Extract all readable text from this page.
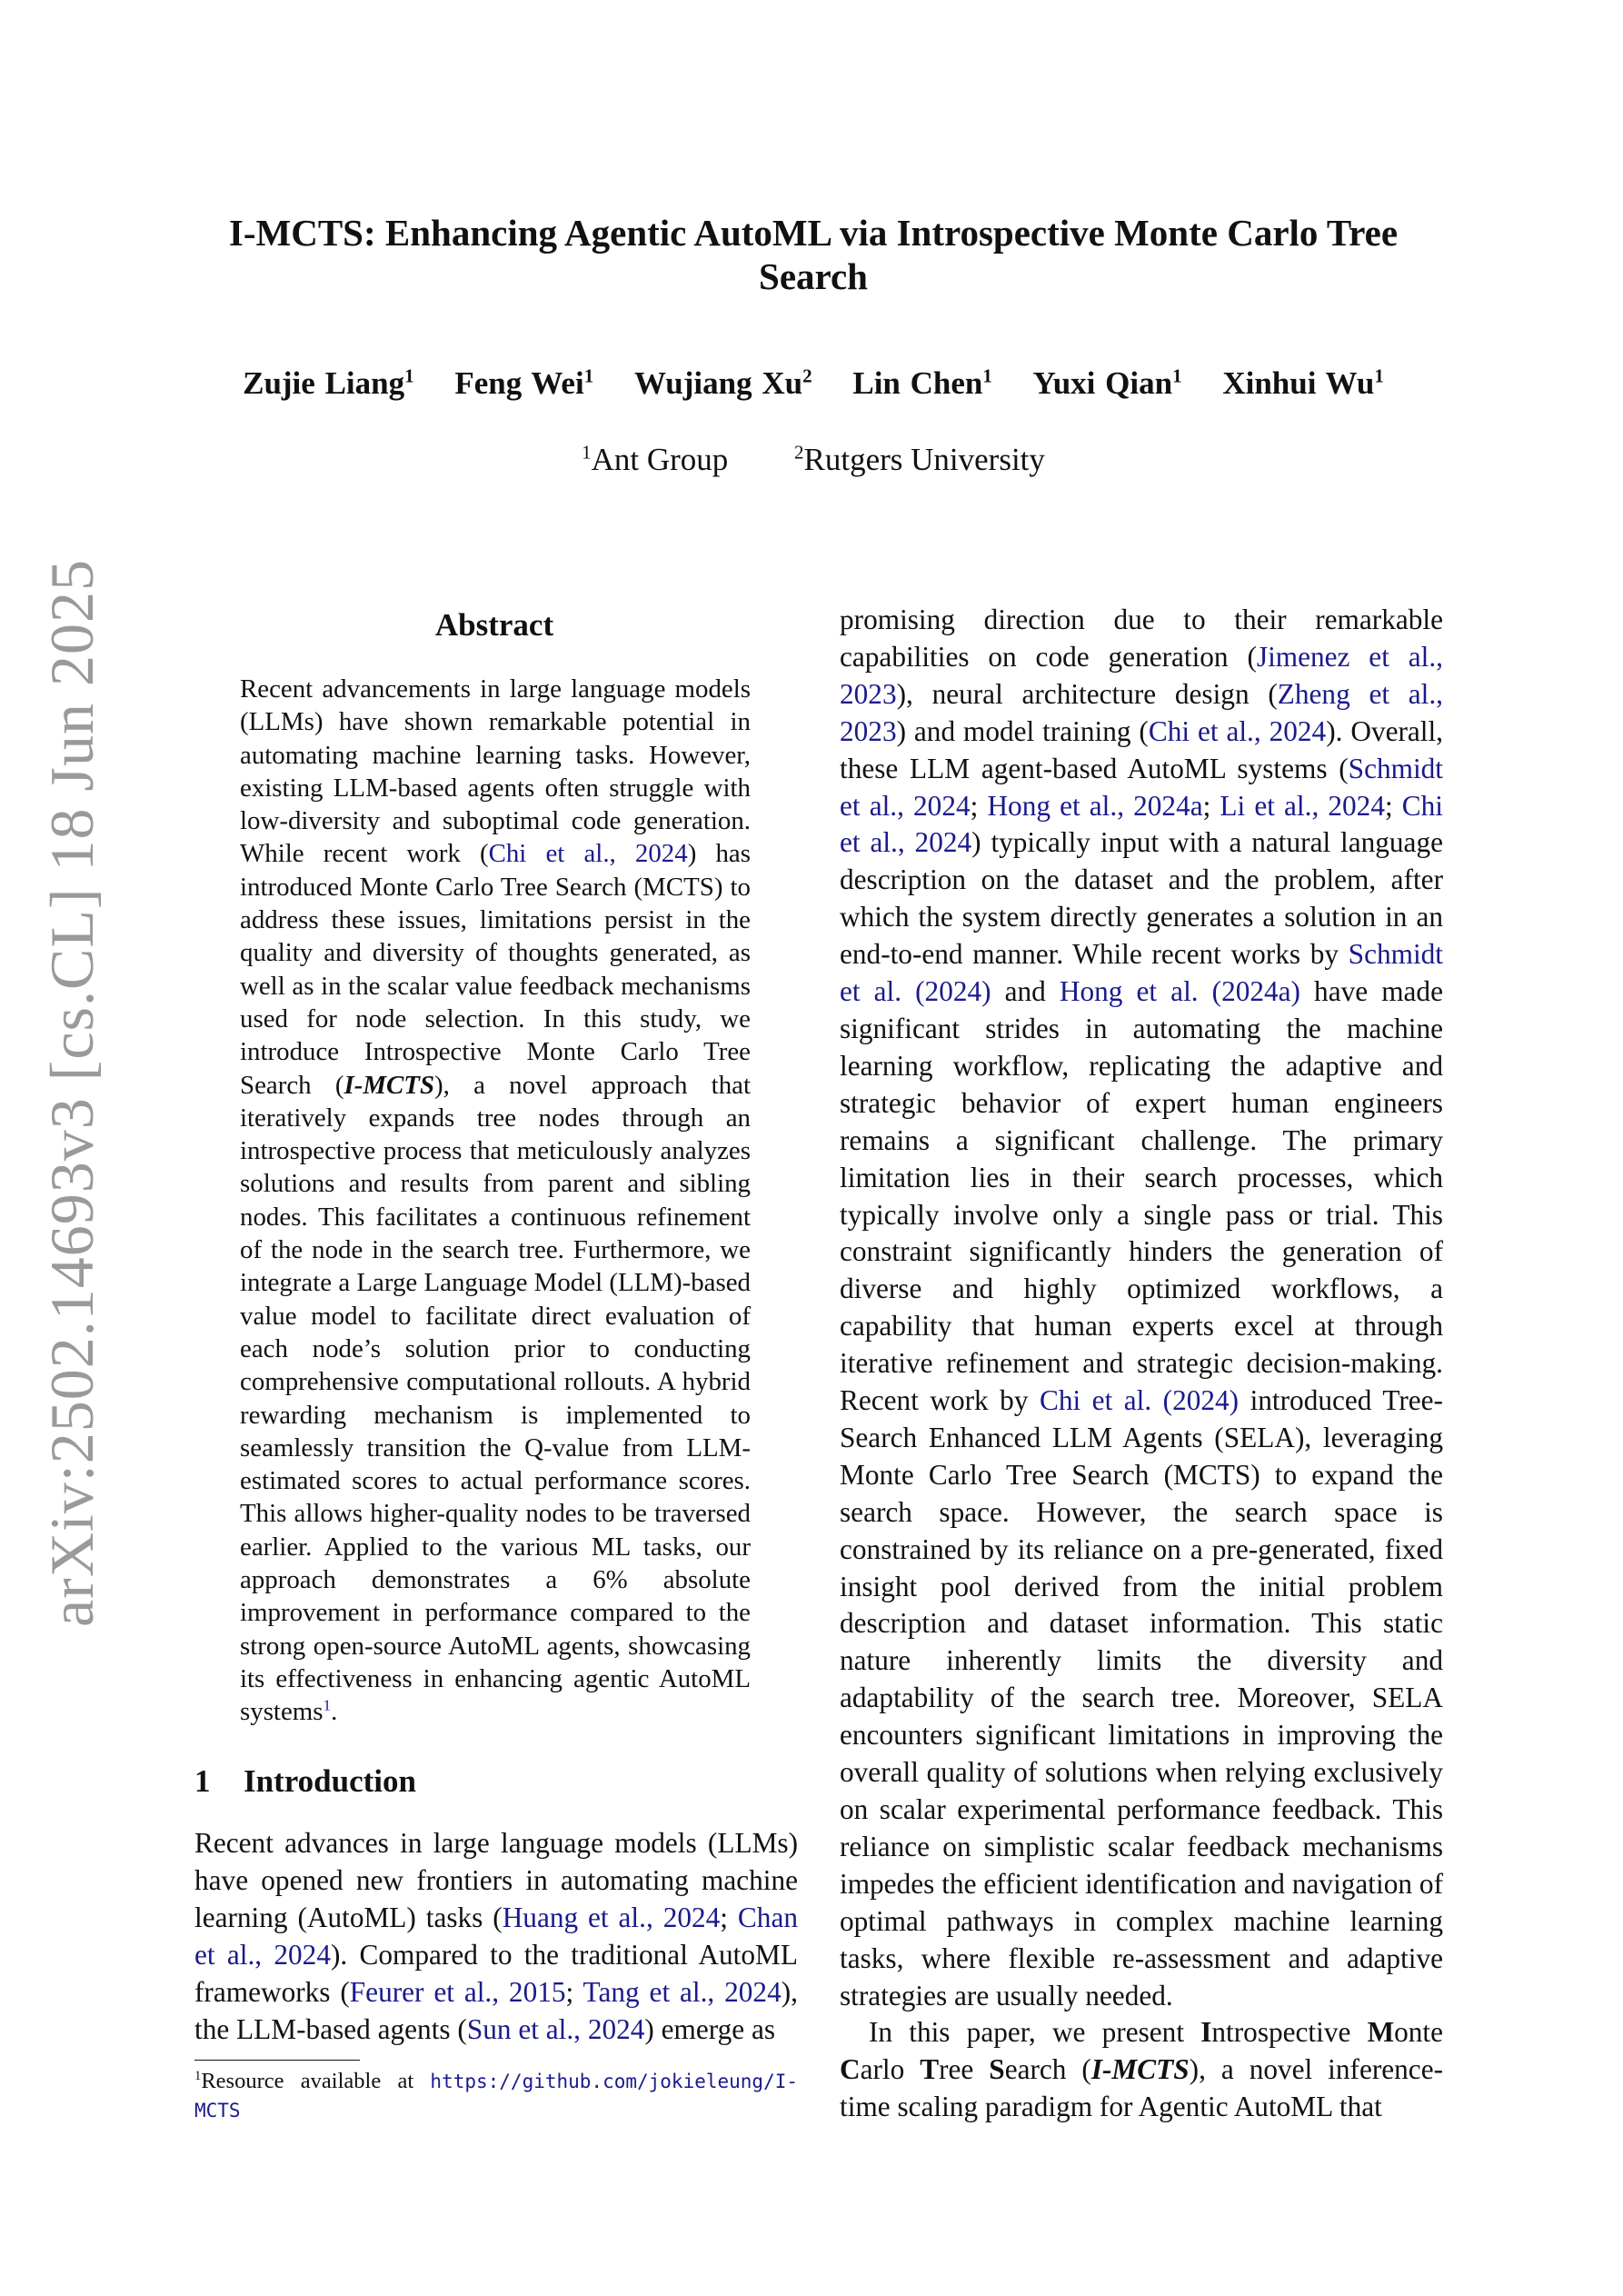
arXiv:2502.14693v3 [cs.CL] 18 Jun 2025
I-MCTS: Enhancing Agentic AutoML via Introspective Monte Carlo Tree Search
Zujie Liang$^1$ Feng Wei$^1$ Wujiang Xu$^2$ Lin Chen$^1$ Yuxi Qian$^1$ Xinhui Wu$^1$
$^1$Ant Group	$^2$Rutgers University
Abstract
Recent advancements in large language models (LLMs) have shown remarkable potential in automating machine learning tasks. However, existing LLM-based agents often struggle with low-diversity and suboptimal code generation. While recent work (Chi et al., 2024) has introduced Monte Carlo Tree Search (MCTS) to address these issues, limitations persist in the quality and diversity of thoughts generated, as well as in the scalar value feedback mechanisms used for node selection. In this study, we introduce Introspective Monte Carlo Tree Search (I-MCTS), a novel approach that iteratively expands tree nodes through an introspective process that meticulously analyzes solutions and results from parent and sibling nodes. This facilitates a continuous refinement of the node in the search tree. Furthermore, we integrate a Large Language Model (LLM)-based value model to facilitate direct evaluation of each node’s solution prior to conducting comprehensive computational rollouts. A hybrid rewarding mechanism is implemented to seamlessly transition the Q-value from LLM-estimated scores to actual performance scores. This allows higher-quality nodes to be traversed earlier. Applied to the various ML tasks, our approach demonstrates a 6% absolute improvement in performance compared to the strong open-source AutoML agents, showcasing its effectiveness in enhancing agentic AutoML systems$^1$.
1 Introduction
Recent advances in large language models (LLMs) have opened new frontiers in automating machine learning (AutoML) tasks (Huang et al., 2024; Chan et al., 2024). Compared to the traditional AutoML frameworks (Feurer et al., 2015; Tang et al., 2024), the LLM-based agents (Sun et al., 2024) emerge as
$^1$Resource available at https://github.com/jokieleung/I-MCTS

promising direction due to their remarkable capabilities on code generation (Jimenez et al., 2023), neural architecture design (Zheng et al., 2023) and model training (Chi et al., 2024). Overall, these LLM agent-based AutoML systems (Schmidt et al., 2024; Hong et al., 2024a; Li et al., 2024; Chi et al., 2024) typically input with a natural language description on the dataset and the problem, after which the system directly generates a solution in an end-to-end manner. While recent works by Schmidt et al. (2024) and Hong et al. (2024a) have made significant strides in automating the machine learning workflow, replicating the adaptive and strategic behavior of expert human engineers remains a significant challenge. The primary limitation lies in their search processes, which typically involve only a single pass or trial. This constraint significantly hinders the generation of diverse and highly optimized workflows, a capability that human experts excel at through iterative refinement and strategic decision-making. Recent work by Chi et al. (2024) introduced Tree-Search Enhanced LLM Agents (SELA), leveraging Monte Carlo Tree Search (MCTS) to expand the search space. However, the search space is constrained by its reliance on a pre-generated, fixed insight pool derived from the initial problem description and dataset information. This static nature inherently limits the diversity and adaptability of the search tree. Moreover, SELA encounters significant limitations in improving the overall quality of solutions when relying exclusively on scalar experimental performance feedback. This reliance on simplistic scalar feedback mechanisms impedes the efficient identification and navigation of optimal pathways in complex machine learning tasks, where flexible re-assessment and adaptive strategies are usually needed.

In this paper, we present Introspective Monte Carlo Tree Search (I-MCTS), a novel inference-time scaling paradigm for Agentic AutoML that
